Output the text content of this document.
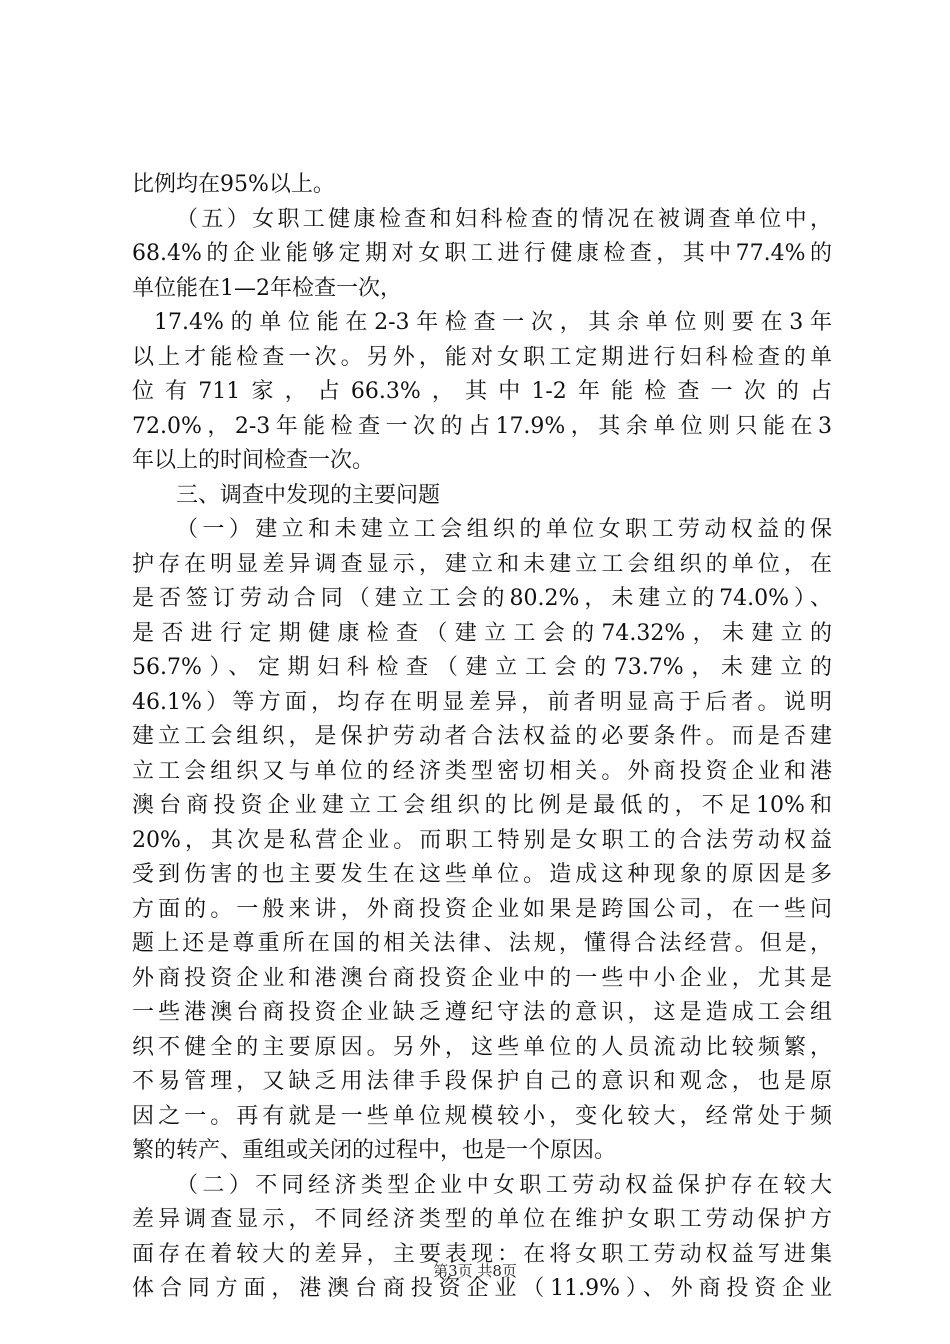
比例均在95%以上。
（五）女职工健康检查和妇科检查的情况在被调查单位中，
68.4%的企业能够定期对女职工进行健康检查，其中77.4%的
单位能在1—2年检查一次，
17.4%的单位能在2-3年检查一次，其余单位则要在3年
以上才能检查一次。另外，能对女职工定期进行妇科检查的单
位有711家，占66.3%，其中1-2年能检查一次的占
72.0%，2-3年能检查一次的占17.9%，其余单位则只能在3
年以上的时间检查一次。
三、调查中发现的主要问题
（一）建立和未建立工会组织的单位女职工劳动权益的保
护存在明显差异调查显示，建立和未建立工会组织的单位，在
是否签订劳动合同（建立工会的80.2%，未建立的74.0%）、
是否进行定期健康检查（建立工会的74.32%，未建立的
56.7%）、定期妇科检查（建立工会的73.7%，未建立的
46.1%）等方面，均存在明显差异，前者明显高于后者。说明
建立工会组织，是保护劳动者合法权益的必要条件。而是否建
立工会组织又与单位的经济类型密切相关。外商投资企业和港
澳台商投资企业建立工会组织的比例是最低的，不足10%和
20%，其次是私营企业。而职工特别是女职工的合法劳动权益
受到伤害的也主要发生在这些单位。造成这种现象的原因是多
方面的。一般来讲，外商投资企业如果是跨国公司，在一些问
题上还是尊重所在国的相关法律、法规，懂得合法经营。但是，
外商投资企业和港澳台商投资企业中的一些中小企业，尤其是
一些港澳台商投资企业缺乏遵纪守法的意识，这是造成工会组
织不健全的主要原因。另外，这些单位的人员流动比较频繁，
不易管理，又缺乏用法律手段保护自己的意识和观念，也是原
因之一。再有就是一些单位规模较小，变化较大，经常处于频
繁的转产、重组或关闭的过程中，也是一个原因。
（二）不同经济类型企业中女职工劳动权益保护存在较大
差异调查显示，不同经济类型的单位在维护女职工劳动保护方
面存在着较大的差异，主要表现：在将女职工劳动权益写进集
体合同方面，港澳台商投资企业（11.9%）、外商投资企业
第3页 共8页
